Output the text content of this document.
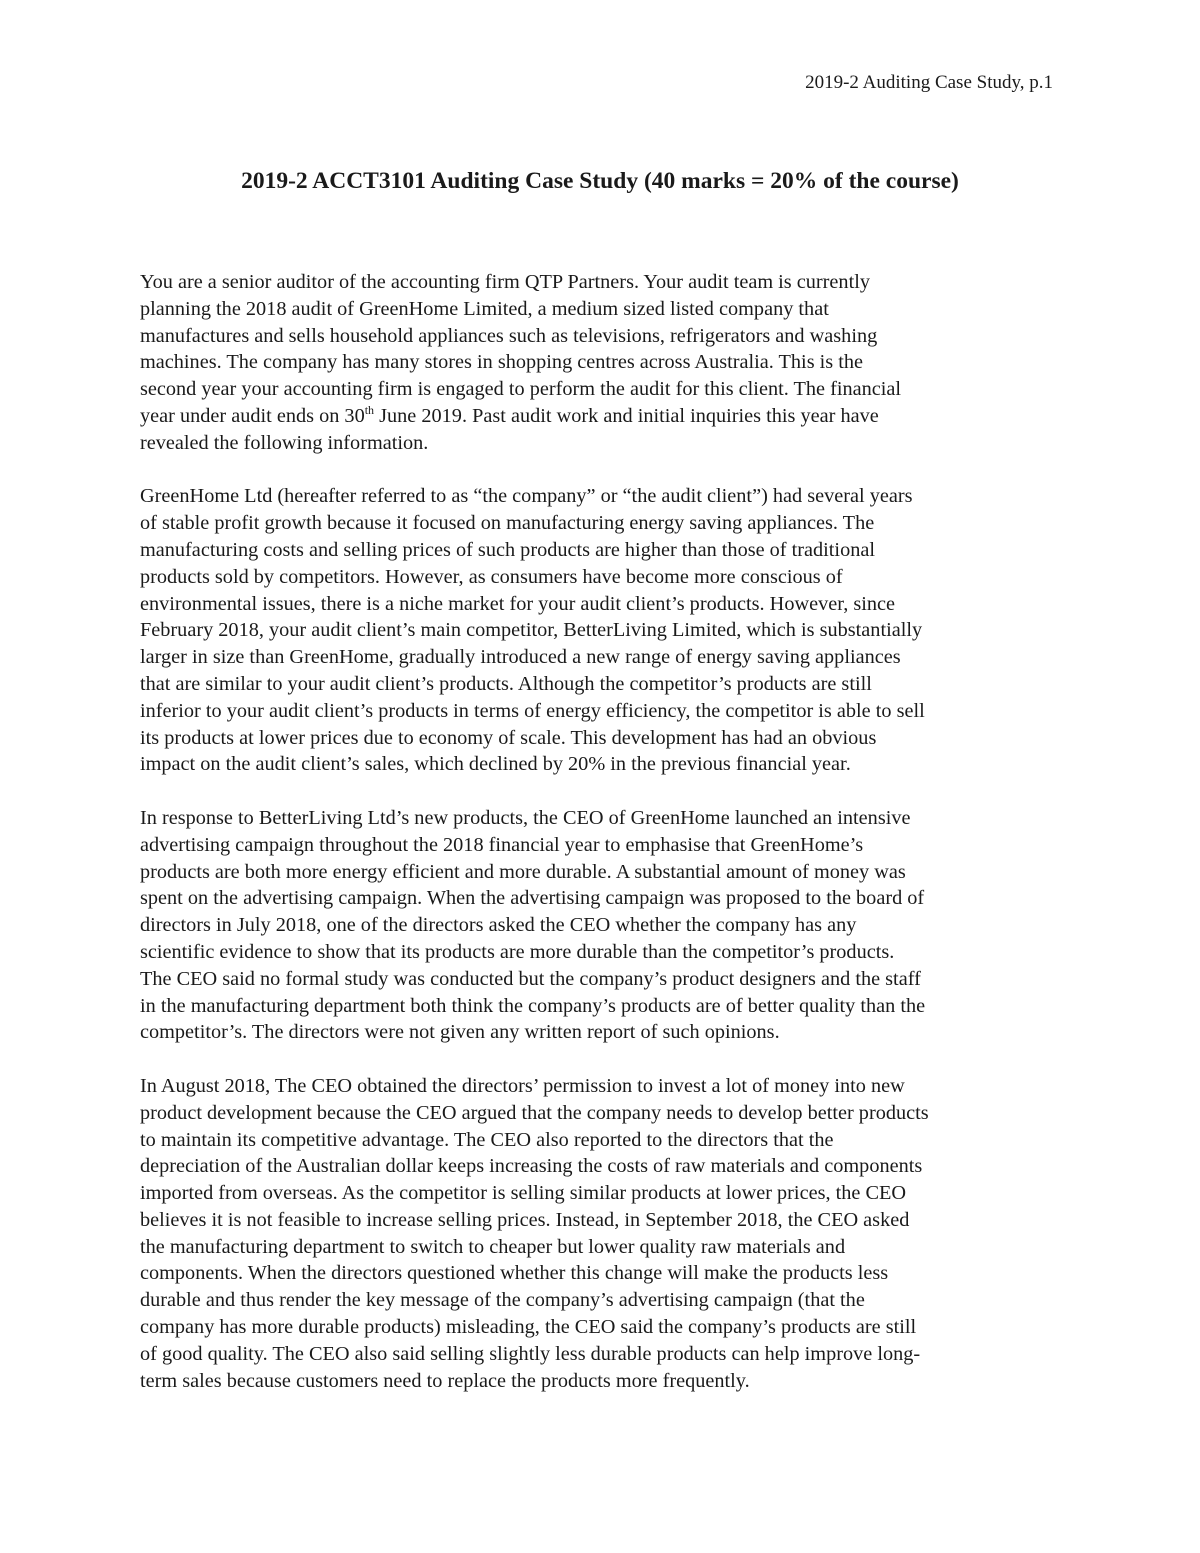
2019-2 Auditing Case Study, p.1
2019-2 ACCT3101 Auditing Case Study (40 marks = 20% of the course)
You are a senior auditor of the accounting firm QTP Partners. Your audit team is currently
planning the 2018 audit of GreenHome Limited, a medium sized listed company that
manufactures and sells household appliances such as televisions, refrigerators and washing
machines. The company has many stores in shopping centres across Australia. This is the
second year your accounting firm is engaged to perform the audit for this client. The financial
year under audit ends on 30th June 2019. Past audit work and initial inquiries this year have
revealed the following information.
GreenHome Ltd (hereafter referred to as “the company” or “the audit client”) had several years
of stable profit growth because it focused on manufacturing energy saving appliances. The
manufacturing costs and selling prices of such products are higher than those of traditional
products sold by competitors. However, as consumers have become more conscious of
environmental issues, there is a niche market for your audit client’s products. However, since
February 2018, your audit client’s main competitor, BetterLiving Limited, which is substantially
larger in size than GreenHome, gradually introduced a new range of energy saving appliances
that are similar to your audit client’s products. Although the competitor’s products are still
inferior to your audit client’s products in terms of energy efficiency, the competitor is able to sell
its products at lower prices due to economy of scale. This development has had an obvious
impact on the audit client’s sales, which declined by 20% in the previous financial year.
In response to BetterLiving Ltd’s new products, the CEO of GreenHome launched an intensive
advertising campaign throughout the 2018 financial year to emphasise that GreenHome’s
products are both more energy efficient and more durable. A substantial amount of money was
spent on the advertising campaign. When the advertising campaign was proposed to the board of
directors in July 2018, one of the directors asked the CEO whether the company has any
scientific evidence to show that its products are more durable than the competitor’s products.
The CEO said no formal study was conducted but the company’s product designers and the staff
in the manufacturing department both think the company’s products are of better quality than the
competitor’s. The directors were not given any written report of such opinions.
In August 2018, The CEO obtained the directors’ permission to invest a lot of money into new
product development because the CEO argued that the company needs to develop better products
to maintain its competitive advantage. The CEO also reported to the directors that the
depreciation of the Australian dollar keeps increasing the costs of raw materials and components
imported from overseas. As the competitor is selling similar products at lower prices, the CEO
believes it is not feasible to increase selling prices. Instead, in September 2018, the CEO asked
the manufacturing department to switch to cheaper but lower quality raw materials and
components. When the directors questioned whether this change will make the products less
durable and thus render the key message of the company’s advertising campaign (that the
company has more durable products) misleading, the CEO said the company’s products are still
of good quality. The CEO also said selling slightly less durable products can help improve long-
term sales because customers need to replace the products more frequently.
